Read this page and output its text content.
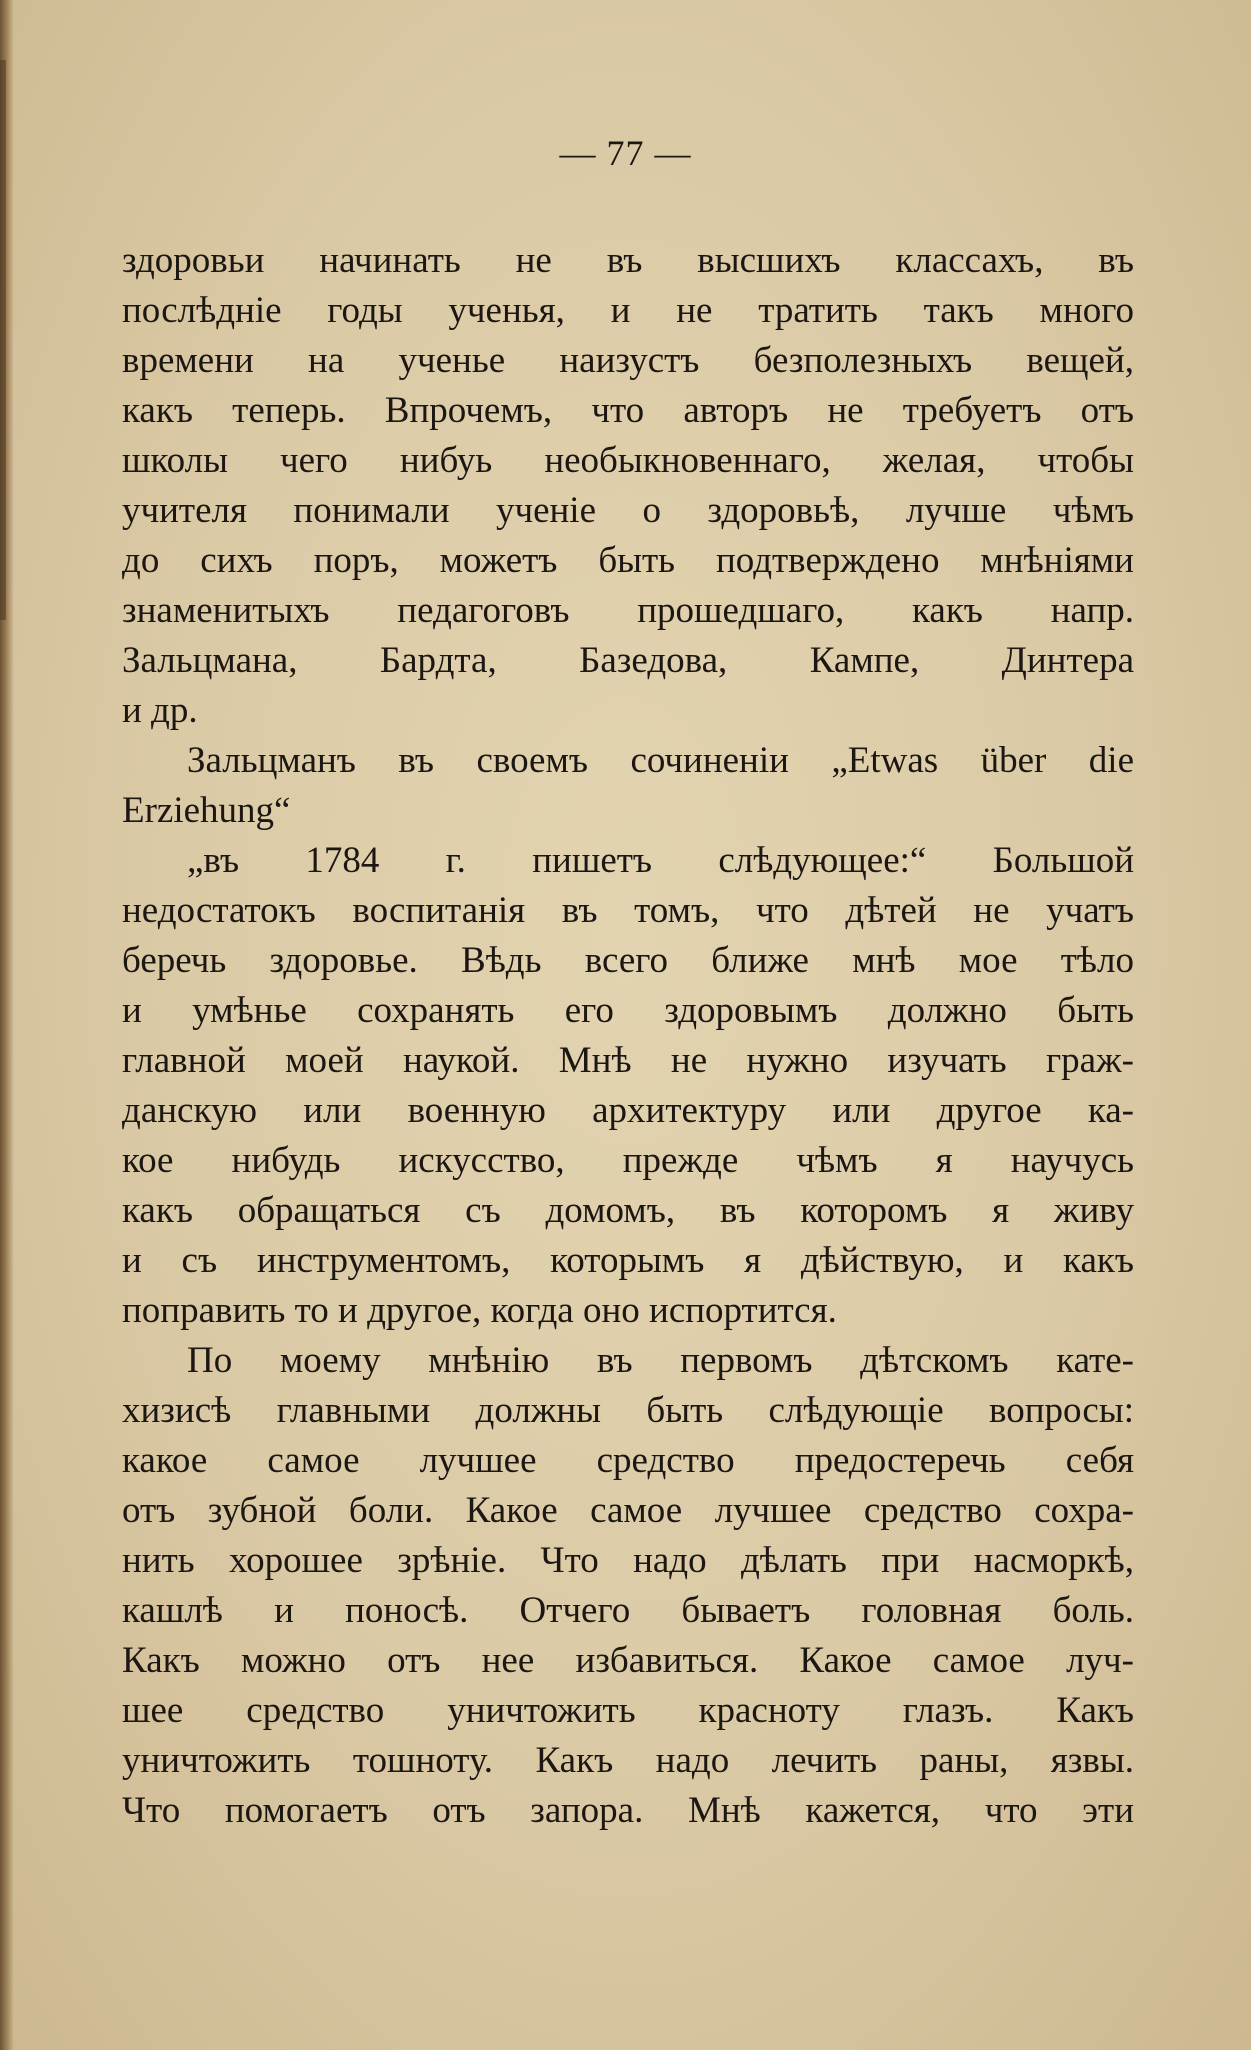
— 77 —
здоровьи начинать не въ высшихъ классахъ, въ
послѣдніе годы ученья, и не тратить такъ много
времени на ученье наизустъ безполезныхъ вещей,
какъ теперь. Впрочемъ, что авторъ не требуетъ отъ
школы чего нибуь необыкновеннаго, желая, чтобы
учителя понимали ученіе о здоровьѣ, лучше чѣмъ
до сихъ поръ, можетъ быть подтверждено мнѣніями
знаменитыхъ педагоговъ прошедшаго, какъ напр.
Зальцмана, Бардта, Базедова, Кампе, Динтера
и др.
Зальцманъ въ своемъ сочиненіи „Etwas über die
Erziehung“
„въ 1784 г. пишетъ слѣдующее:“ Большой
недостатокъ воспитанія въ томъ, что дѣтей не учатъ
беречь здоровье. Вѣдь всего ближе мнѣ мое тѣло
и умѣнье сохранять его здоровымъ должно быть
главной моей наукой. Мнѣ не нужно изучать граж-
данскую или военную архитектуру или другое ка-
кое нибудь искусство, прежде чѣмъ я научусь
какъ обращаться съ домомъ, въ которомъ я живу
и съ инструментомъ, которымъ я дѣйствую, и какъ
поправить то и другое, когда оно испортится.
По моему мнѣнію въ первомъ дѣтскомъ кате-
хизисѣ главными должны быть слѣдующіе вопросы:
какое самое лучшее средство предостеречь себя
отъ зубной боли. Какое самое лучшее средство сохра-
нить хорошее зрѣніе. Что надо дѣлать при насморкѣ,
кашлѣ и поносѣ. Отчего бываетъ головная боль.
Какъ можно отъ нее избавиться. Какое самое луч-
шее средство уничтожить красноту глазъ. Какъ
уничтожить тошноту. Какъ надо лечить раны, язвы.
Что помогаетъ отъ запора. Мнѣ кажется, что эти
